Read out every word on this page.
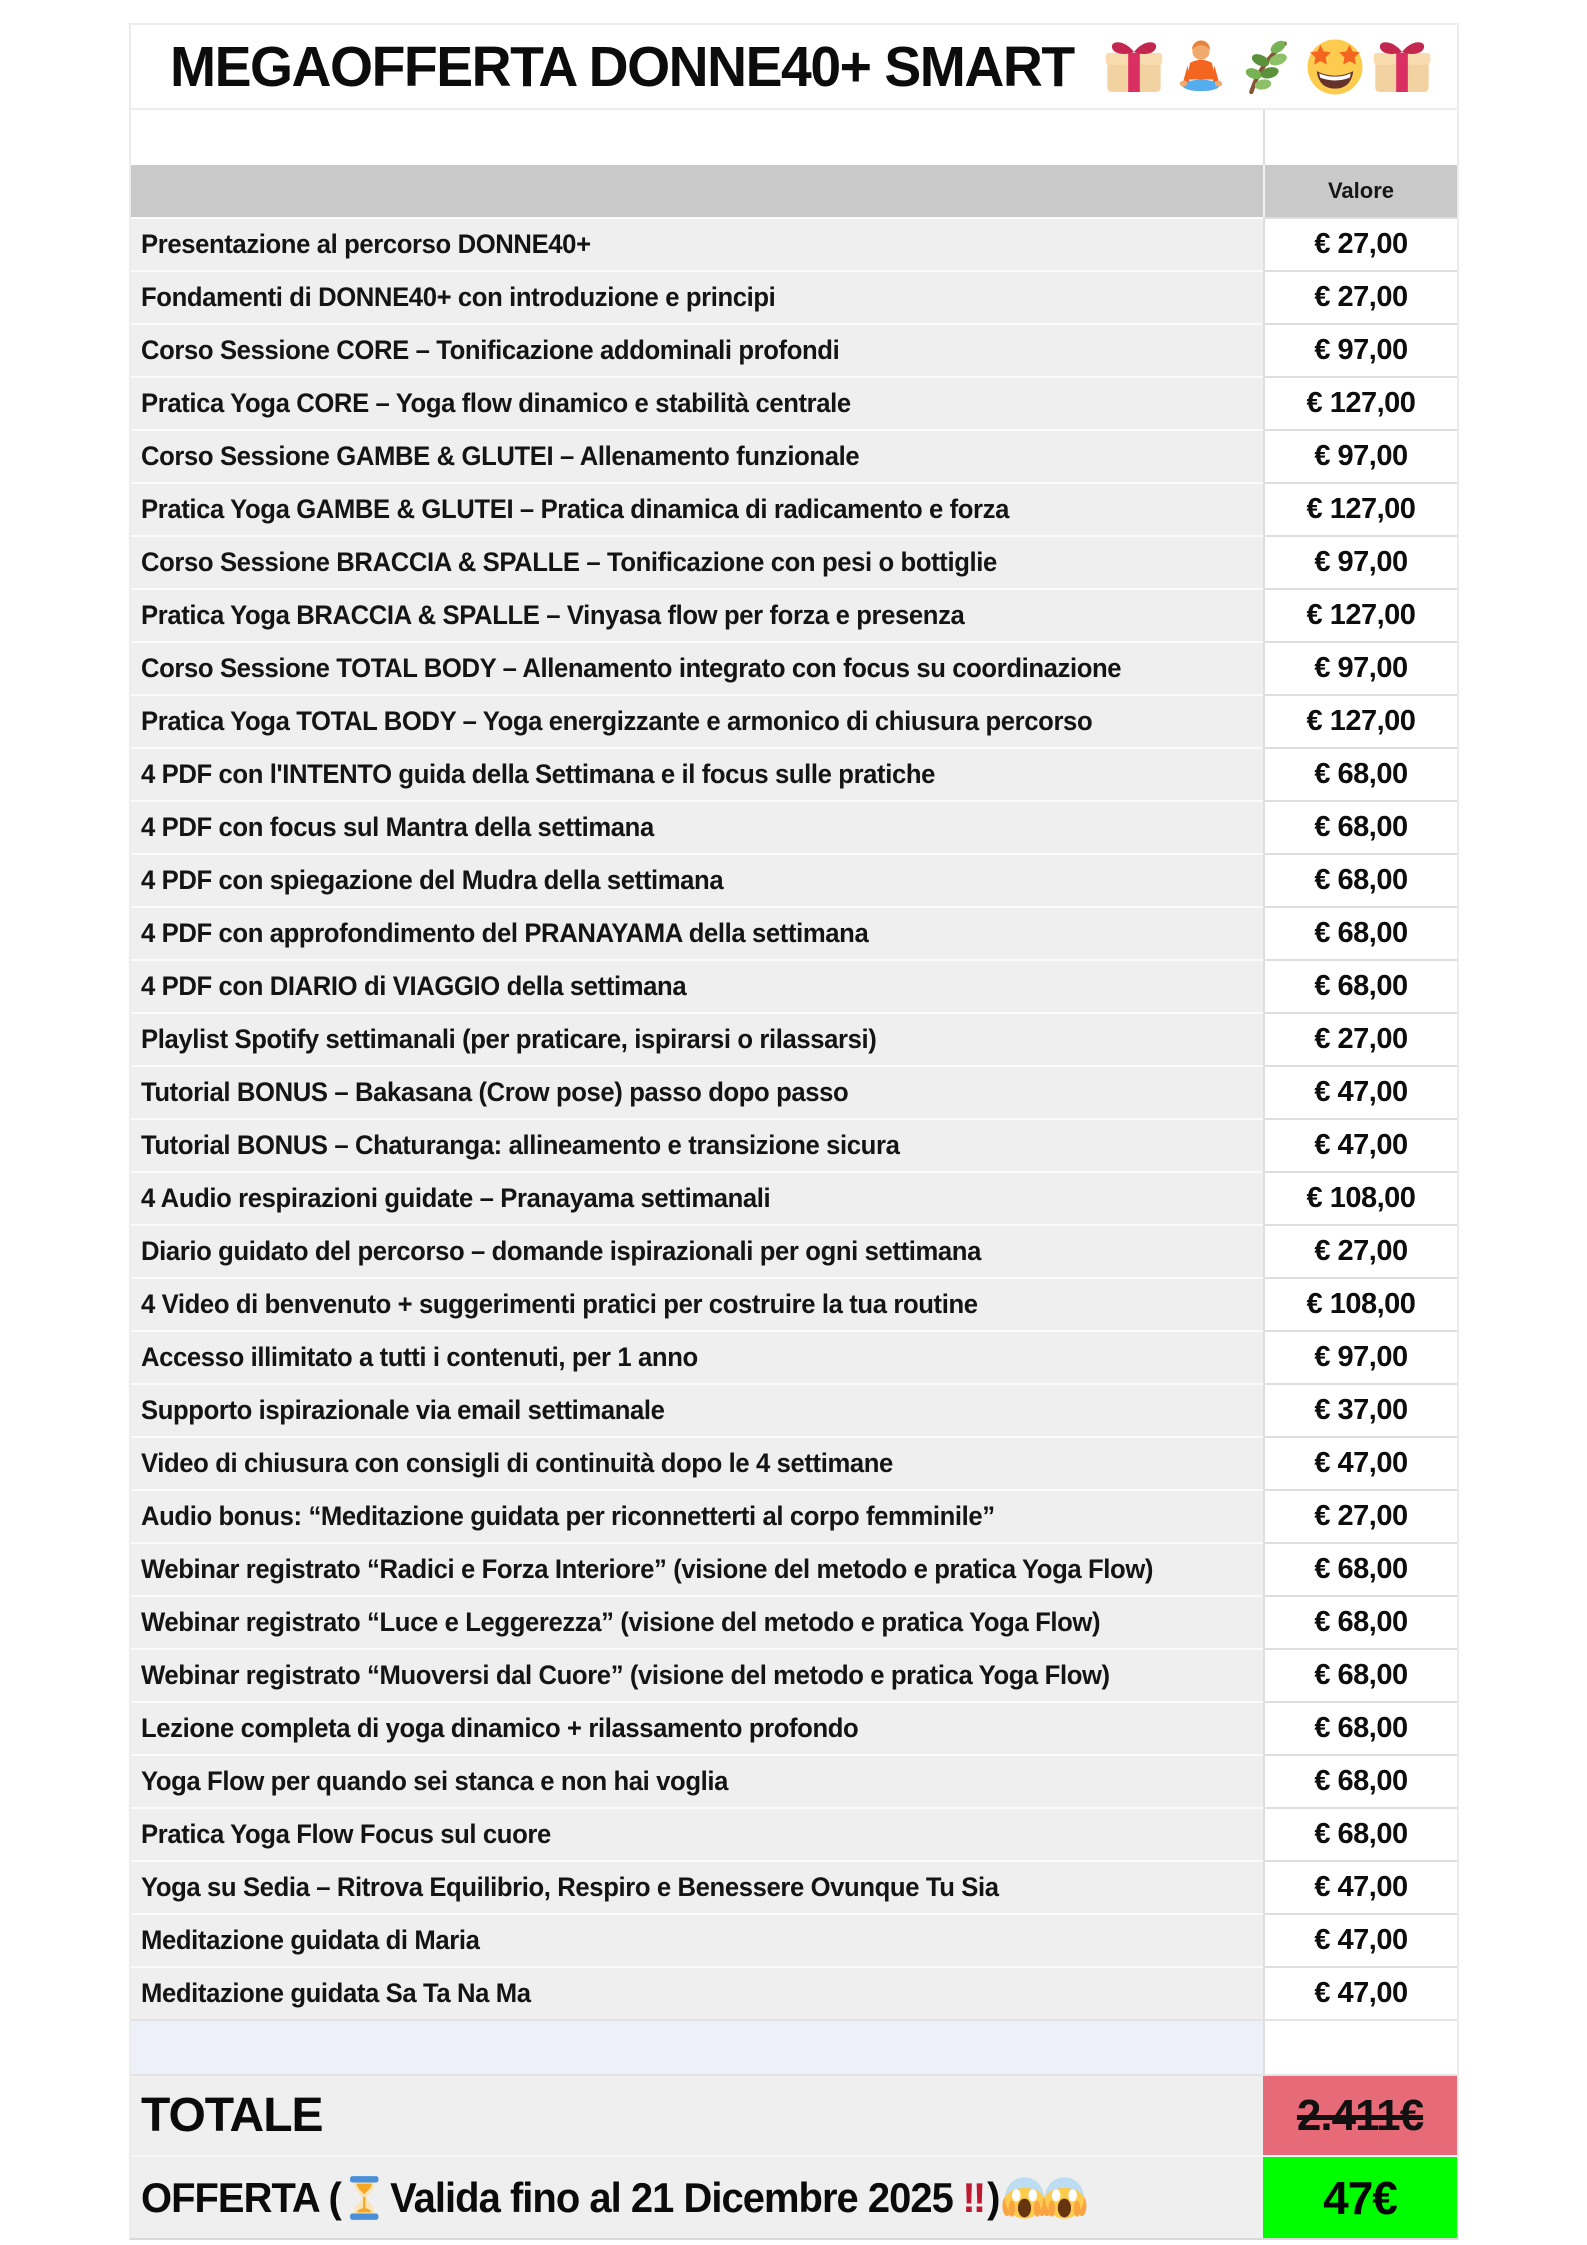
MEGAOFFERTA DONNE40+ SMART
Valore
Presentazione al percorso DONNE40+	€ 27,00
Fondamenti di DONNE40+ con introduzione e principi	€ 27,00
Corso Sessione CORE – Tonificazione addominali profondi	€ 97,00
Pratica Yoga CORE – Yoga flow dinamico e stabilità centrale	€ 127,00
Corso Sessione GAMBE & GLUTEI – Allenamento funzionale	€ 97,00
Pratica Yoga GAMBE & GLUTEI – Pratica dinamica di radicamento e forza	€ 127,00
Corso Sessione BRACCIA & SPALLE – Tonificazione con pesi o bottiglie	€ 97,00
Pratica Yoga BRACCIA & SPALLE – Vinyasa flow per forza e presenza	€ 127,00
Corso Sessione TOTAL BODY – Allenamento integrato con focus su coordinazione	€ 97,00
Pratica Yoga TOTAL BODY – Yoga energizzante e armonico di chiusura percorso	€ 127,00
4 PDF con l'INTENTO guida della Settimana e il focus sulle pratiche	€ 68,00
4 PDF con focus sul Mantra della settimana	€ 68,00
4 PDF con spiegazione del Mudra della settimana	€ 68,00
4 PDF con approfondimento del PRANAYAMA della settimana	€ 68,00
4 PDF con DIARIO di VIAGGIO della settimana	€ 68,00
Playlist Spotify settimanali (per praticare, ispirarsi o rilassarsi)	€ 27,00
Tutorial BONUS – Bakasana (Crow pose) passo dopo passo	€ 47,00
Tutorial BONUS – Chaturanga: allineamento e transizione sicura	€ 47,00
4 Audio respirazioni guidate – Pranayama settimanali	€ 108,00
Diario guidato del percorso – domande ispirazionali per ogni settimana	€ 27,00
4 Video di benvenuto + suggerimenti pratici per costruire la tua routine	€ 108,00
Accesso illimitato a tutti i contenuti, per 1 anno	€ 97,00
Supporto ispirazionale via email settimanale	€ 37,00
Video di chiusura con consigli di continuità dopo le 4 settimane	€ 47,00
Audio bonus: “Meditazione guidata per riconnetterti al corpo femminile”	€ 27,00
Webinar registrato “Radici e Forza Interiore” (visione del metodo e pratica Yoga Flow)	€ 68,00
Webinar registrato “Luce e Leggerezza” (visione del metodo e pratica Yoga Flow)	€ 68,00
Webinar registrato “Muoversi dal Cuore” (visione del metodo e pratica Yoga Flow)	€ 68,00
Lezione completa di yoga dinamico + rilassamento profondo	€ 68,00
Yoga Flow per quando sei stanca e non hai voglia	€ 68,00
Pratica Yoga Flow Focus sul cuore	€ 68,00
Yoga su Sedia – Ritrova Equilibrio, Respiro e Benessere Ovunque Tu Sia	€ 47,00
Meditazione guidata di Maria	€ 47,00
Meditazione guidata Sa Ta Na Ma	€ 47,00
TOTALE	2.411€
OFFERTA ( Valida fino al 21 Dicembre 2025 !! )	47€
